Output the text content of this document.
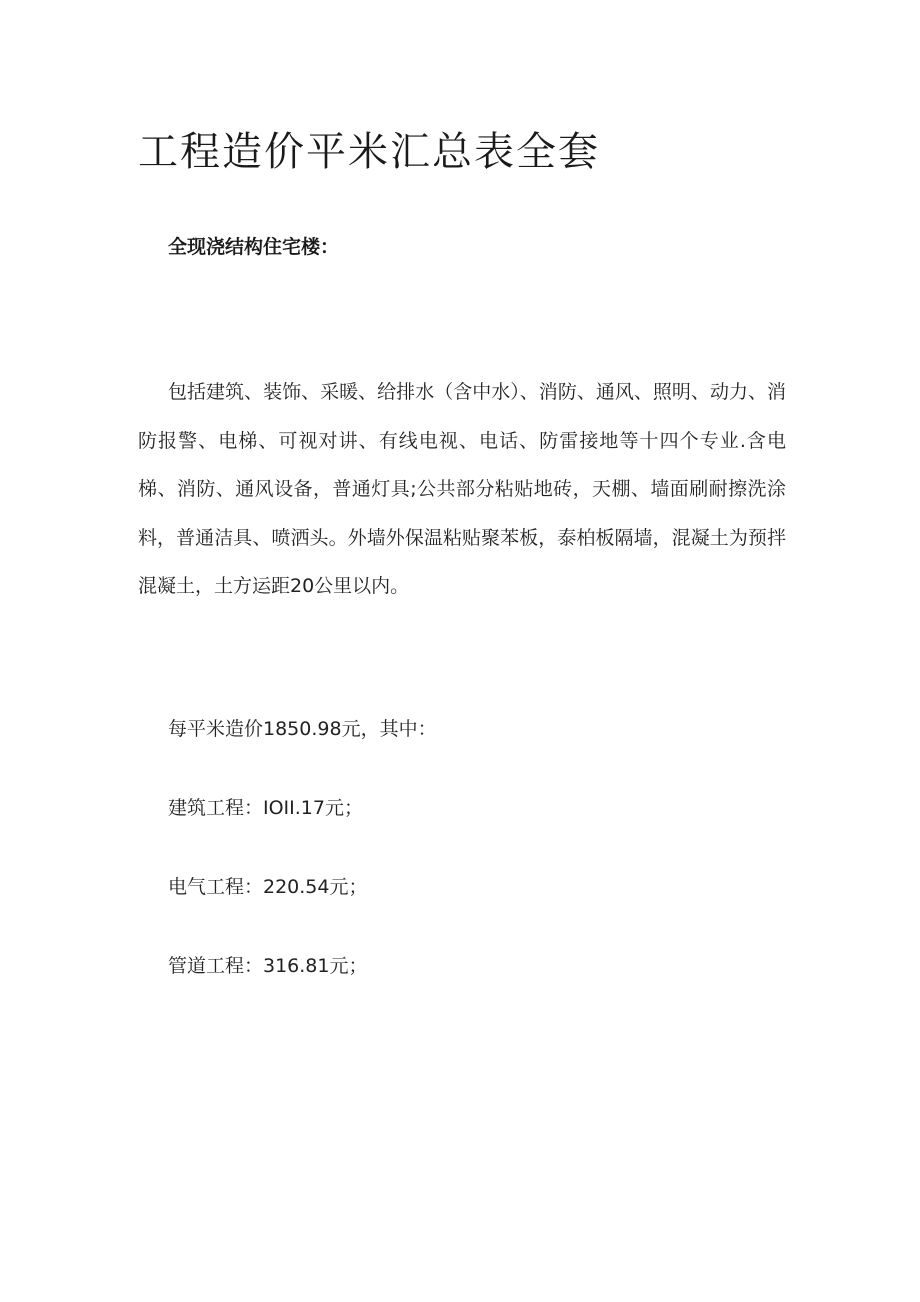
工程造价平米汇总表全套

全现浇结构住宅楼：

包括建筑、装饰、采暖、给排水（含中水）、消防、通风、照明、动力、消防报警、电梯、可视对讲、有线电视、电话、防雷接地等十四个专业.含电梯、消防、通风设备，普通灯具;公共部分粘贴地砖，天棚、墙面刷耐擦洗涂料，普通洁具、喷洒头。外墙外保温粘贴聚苯板，泰柏板隔墙，混凝土为预拌混凝土，土方运距20公里以内。

每平米造价1850.98元，其中：

建筑工程：IOII.17元；

电气工程：220.54元；

管道工程：316.81元；
